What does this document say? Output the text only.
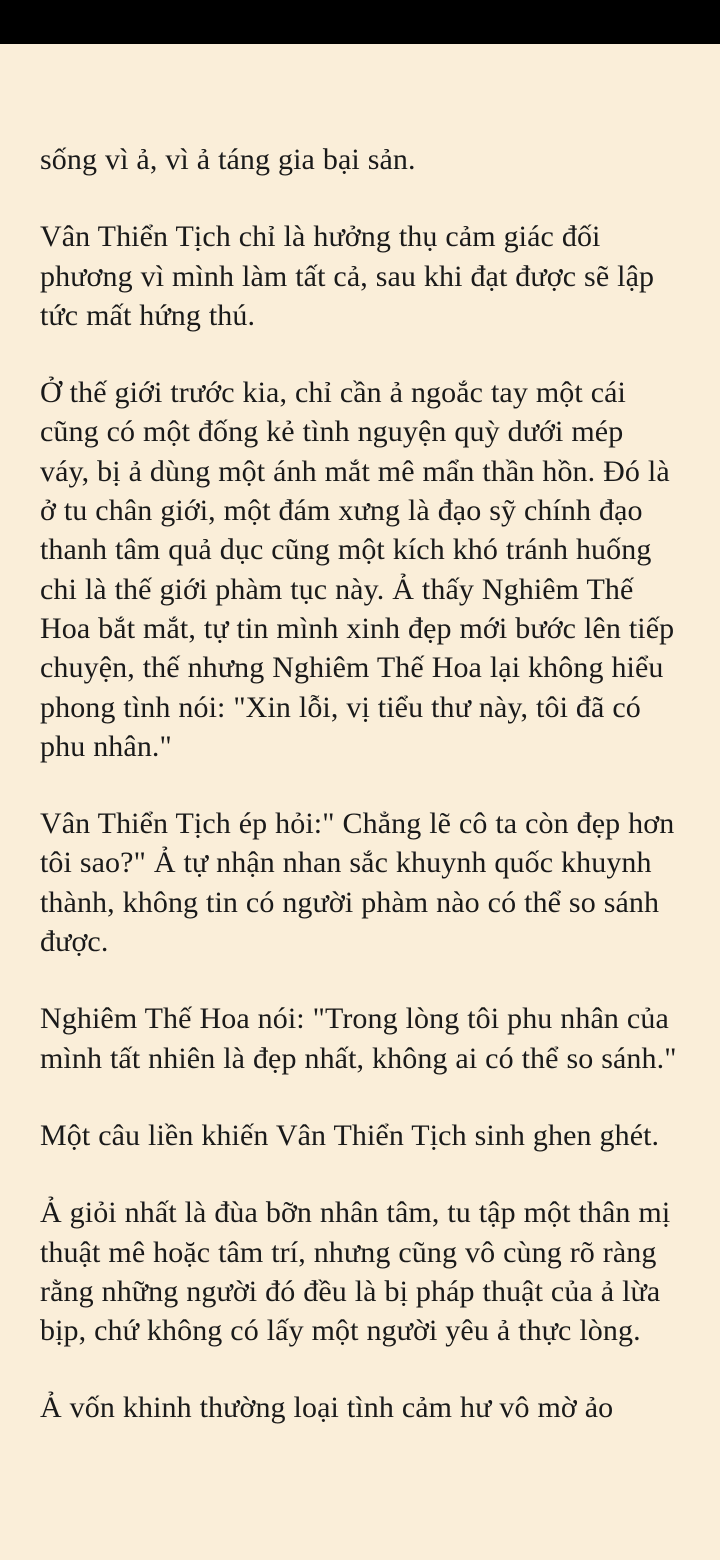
sống vì ả, vì ả táng gia bại sản.

Vân Thiển Tịch chỉ là hưởng thụ cảm giác đối phương vì mình làm tất cả, sau khi đạt được sẽ lập tức mất hứng thú.

Ở thế giới trước kia, chỉ cần ả ngoắc tay một cái cũng có một đống kẻ tình nguyện quỳ dưới mép váy, bị ả dùng một ánh mắt mê mẩn thần hồn. Đó là ở tu chân giới, một đám xưng là đạo sỹ chính đạo thanh tâm quả dục cũng một kích khó tránh huống chi là thế giới phàm tục này. Ả thấy Nghiêm Thế Hoa bắt mắt, tự tin mình xinh đẹp mới bước lên tiếp chuyện, thế nhưng Nghiêm Thế Hoa lại không hiểu phong tình nói: "Xin lỗi, vị tiểu thư này, tôi đã có phu nhân."

Vân Thiển Tịch ép hỏi:" Chẳng lẽ cô ta còn đẹp hơn tôi sao?" Ả tự nhận nhan sắc khuynh quốc khuynh thành, không tin có người phàm nào có thể so sánh được.

Nghiêm Thế Hoa nói: "Trong lòng tôi phu nhân của mình tất nhiên là đẹp nhất, không ai có thể so sánh."

Một câu liền khiến Vân Thiển Tịch sinh ghen ghét.

Ả giỏi nhất là đùa bỡn nhân tâm, tu tập một thân mị thuật mê hoặc tâm trí, nhưng cũng vô cùng rõ ràng rằng những người đó đều là bị pháp thuật của ả lừa bịp, chứ không có lấy một người yêu ả thực lòng.

Ả vốn khinh thường loại tình cảm hư vô mờ ảo
